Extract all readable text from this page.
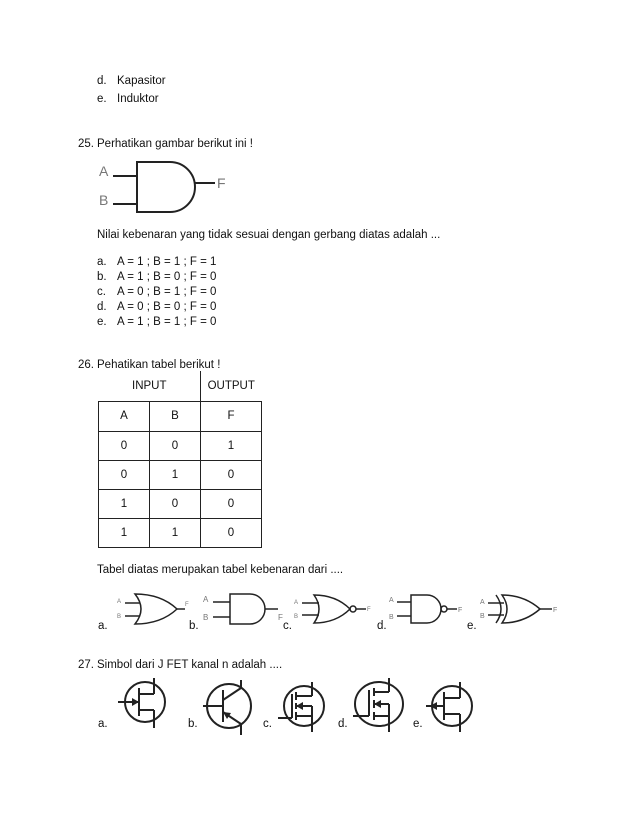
d. Kapasitor
e. Induktor
25. Perhatikan gambar berikut ini !
A
B
F
Nilai kebenaran yang tidak sesuai dengan gerbang diatas adalah ...
a. A = 1 ; B = 1 ; F = 1
b. A = 1 ; B = 0 ; F = 0
c. A = 0 ; B = 1 ; F = 0
d. A = 0 ; B = 0 ; F = 0
e. A = 1 ; B = 1 ; F = 0
26. Pehatikan tabel berikut !
INPUT		OUTPUT
A	B	F
0	0	1
0	1	0
1	0	0
1	1	0
Tabel diatas merupakan tabel kebenaran dari ....
A
B
F
A
B	F
A
B
F
A
B
F
A
B
F
a.	b.	c.	d.	e.
27. Simbol dari J FET kanal n adalah ....
a.	b.	c.	d.	e.
